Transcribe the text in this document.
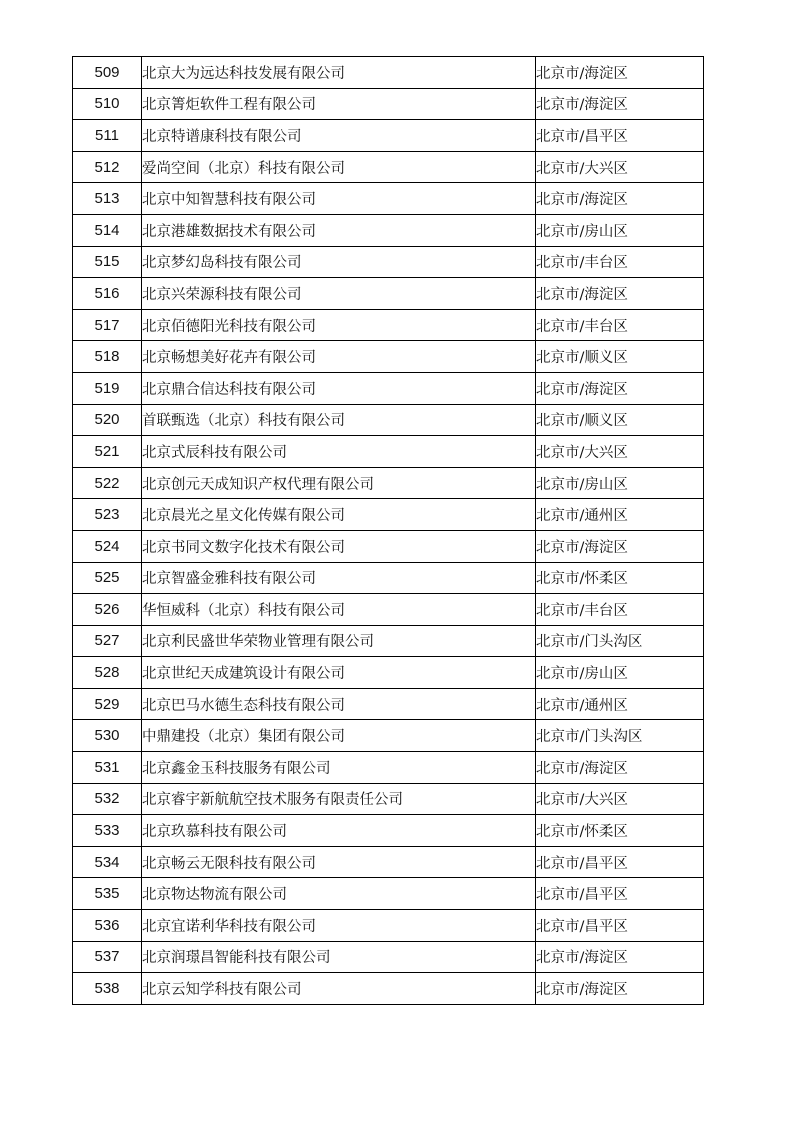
509	北京大为远达科技发展有限公司	北京市/海淀区
510	北京箐炬软件工程有限公司	北京市/海淀区
511	北京特谱康科技有限公司	北京市/昌平区
512	爱尚空间（北京）科技有限公司	北京市/大兴区
513	北京中知智慧科技有限公司	北京市/海淀区
514	北京港雄数据技术有限公司	北京市/房山区
515	北京梦幻岛科技有限公司	北京市/丰台区
516	北京兴荣源科技有限公司	北京市/海淀区
517	北京佰德阳光科技有限公司	北京市/丰台区
518	北京畅想美好花卉有限公司	北京市/顺义区
519	北京鼎合信达科技有限公司	北京市/海淀区
520	首联甄选（北京）科技有限公司	北京市/顺义区
521	北京式辰科技有限公司	北京市/大兴区
522	北京创元天成知识产权代理有限公司	北京市/房山区
523	北京晨光之星文化传媒有限公司	北京市/通州区
524	北京书同文数字化技术有限公司	北京市/海淀区
525	北京智盛金雅科技有限公司	北京市/怀柔区
526	华恒威科（北京）科技有限公司	北京市/丰台区
527	北京利民盛世华荣物业管理有限公司	北京市/门头沟区
528	北京世纪天成建筑设计有限公司	北京市/房山区
529	北京巴马水德生态科技有限公司	北京市/通州区
530	中鼎建投（北京）集团有限公司	北京市/门头沟区
531	北京鑫金玉科技服务有限公司	北京市/海淀区
532	北京睿宇新航航空技术服务有限责任公司	北京市/大兴区
533	北京玖慕科技有限公司	北京市/怀柔区
534	北京畅云无限科技有限公司	北京市/昌平区
535	北京物达物流有限公司	北京市/昌平区
536	北京宜诺利华科技有限公司	北京市/昌平区
537	北京润璟昌智能科技有限公司	北京市/海淀区
538	北京云知学科技有限公司	北京市/海淀区
